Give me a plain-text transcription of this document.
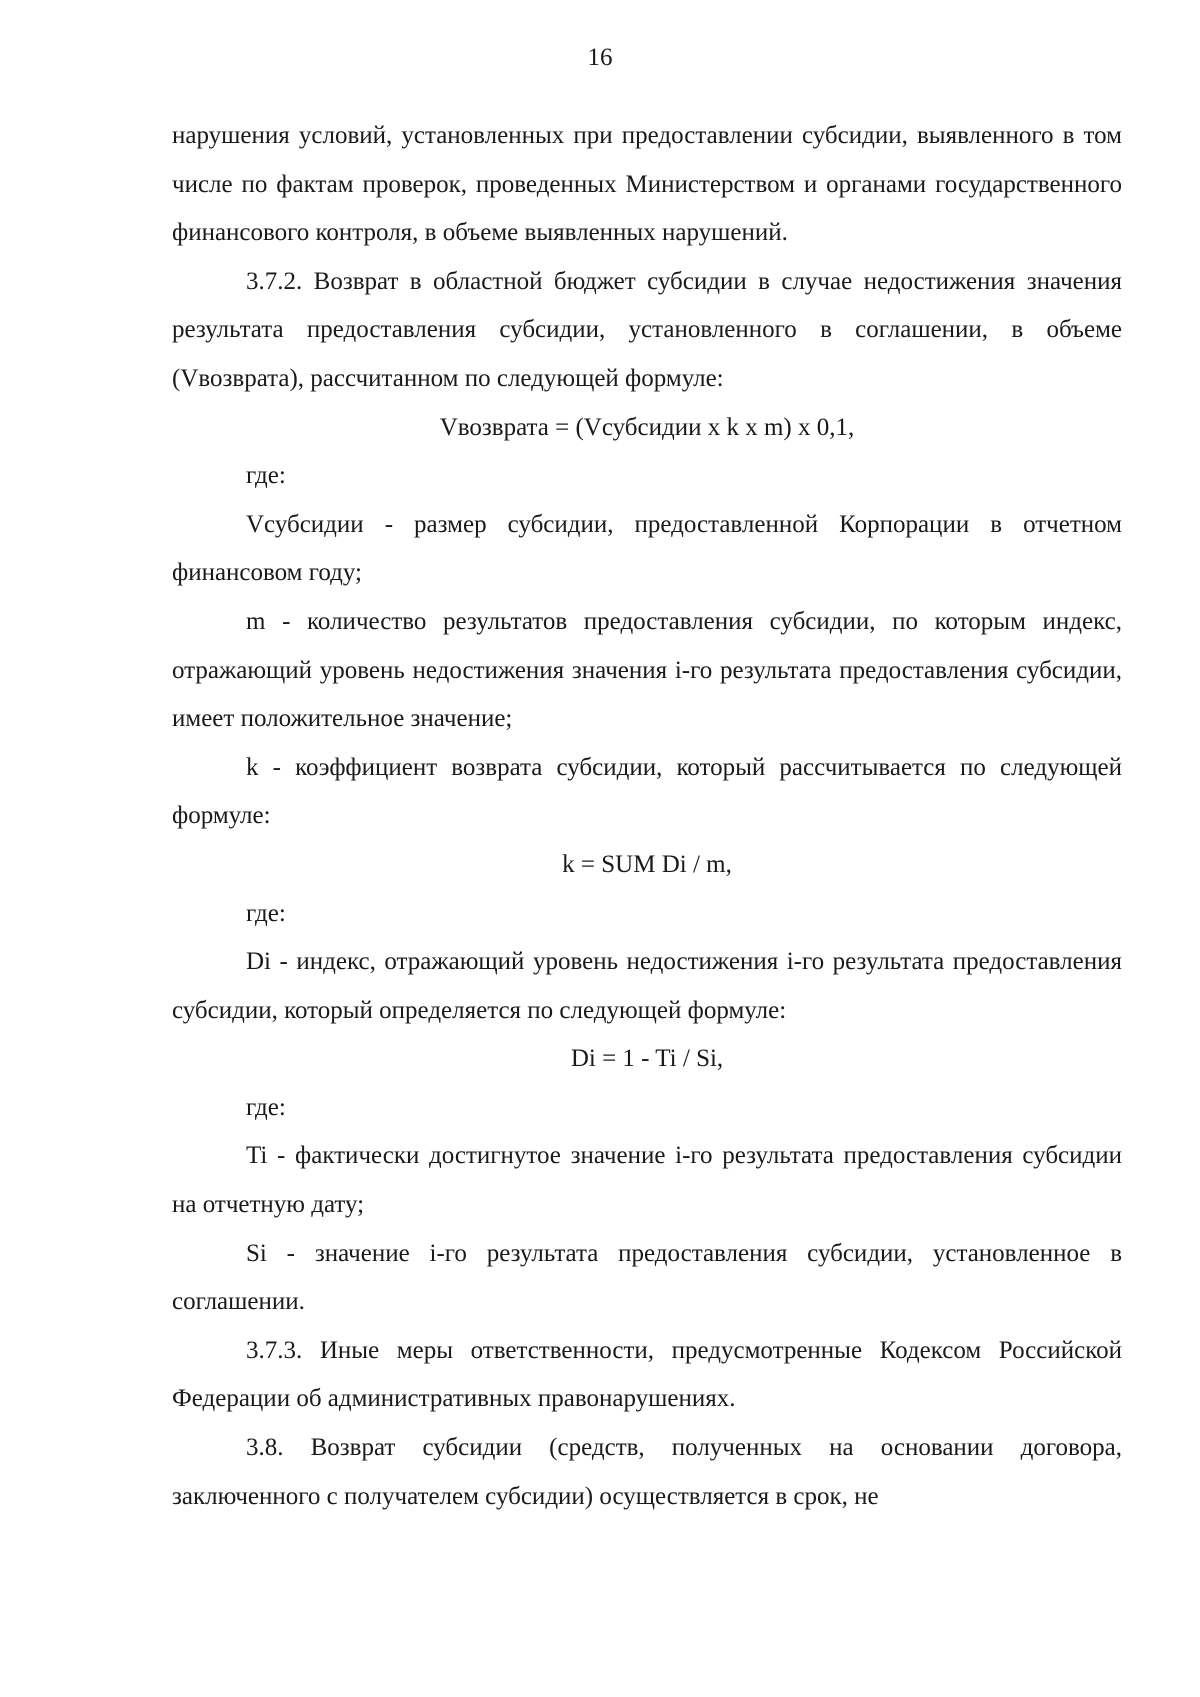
16

нарушения условий, установленных при предоставлении субсидии, выявленного в том числе по фактам проверок, проведенных Министерством и органами государственного финансового контроля, в объеме выявленных нарушений.

3.7.2. Возврат в областной бюджет субсидии в случае недостижения значения результата предоставления субсидии, установленного в соглашении, в объеме (Vвозврата), рассчитанном по следующей формуле:

Vвозврата = (Vсубсидии x k x m) x 0,1,

где:

Vсубсидии - размер субсидии, предоставленной Корпорации в отчетном финансовом году;

m - количество результатов предоставления субсидии, по которым индекс, отражающий уровень недостижения значения i-го результата предоставления субсидии, имеет положительное значение;

k - коэффициент возврата субсидии, который рассчитывается по следующей формуле:

k = SUM Di / m,

где:

Di - индекс, отражающий уровень недостижения i-го результата предоставления субсидии, который определяется по следующей формуле:

Di = 1 - Ti / Si,

где:

Ti - фактически достигнутое значение i-го результата предоставления субсидии на отчетную дату;

Si - значение i-го результата предоставления субсидии, установленное в соглашении.

3.7.3. Иные меры ответственности, предусмотренные Кодексом Российской Федерации об административных правонарушениях.

3.8. Возврат субсидии (средств, полученных на основании договора, заключенного с получателем субсидии) осуществляется в срок, не
